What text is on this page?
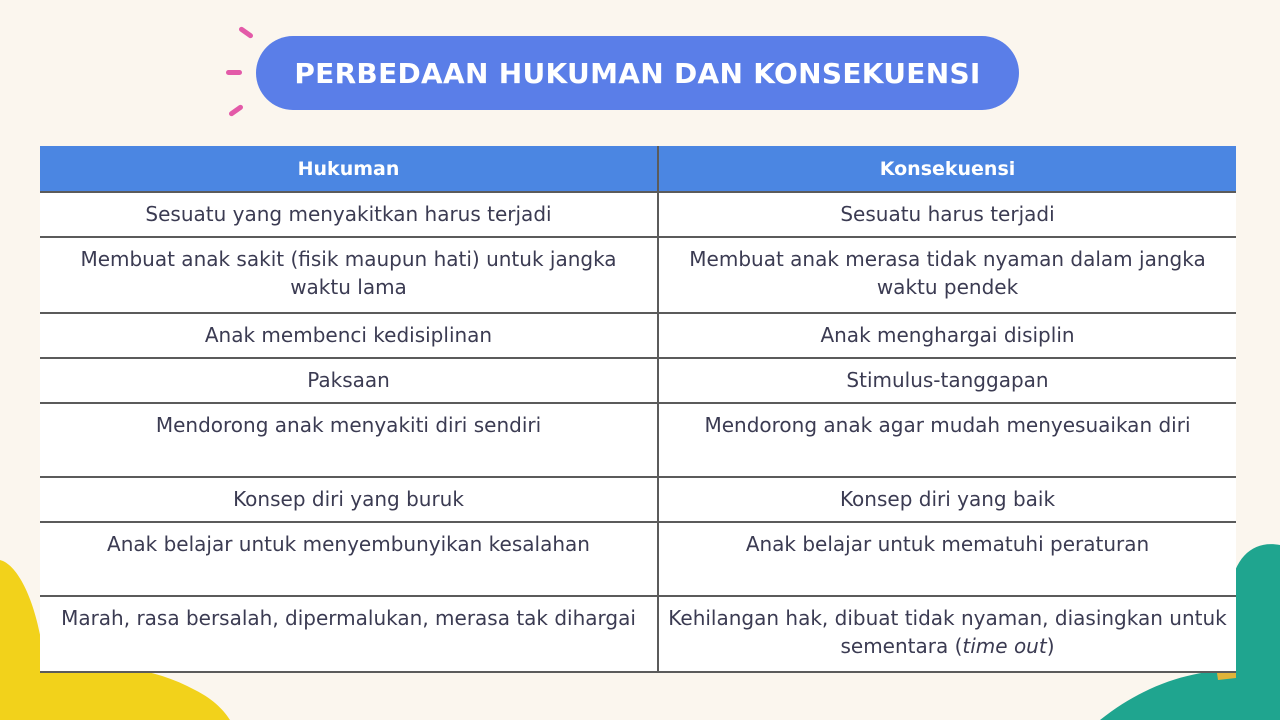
PERBEDAAN HUKUMAN DAN KONSEKUENSI
Hukuman	Konsekuensi
Sesuatu yang menyakitkan harus terjadi	Sesuatu harus terjadi
Membuat anak sakit (fisik maupun hati) untuk jangka waktu lama	Membuat anak merasa tidak nyaman dalam jangka waktu pendek
Anak membenci kedisiplinan	Anak menghargai disiplin
Paksaan	Stimulus-tanggapan
Mendorong anak menyakiti diri sendiri	Mendorong anak agar mudah menyesuaikan diri
Konsep diri yang buruk	Konsep diri yang baik
Anak belajar untuk menyembunyikan kesalahan	Anak belajar untuk mematuhi peraturan
Marah, rasa bersalah, dipermalukan, merasa tak dihargai	Kehilangan hak, dibuat tidak nyaman, diasingkan untuk sementara (time out)
